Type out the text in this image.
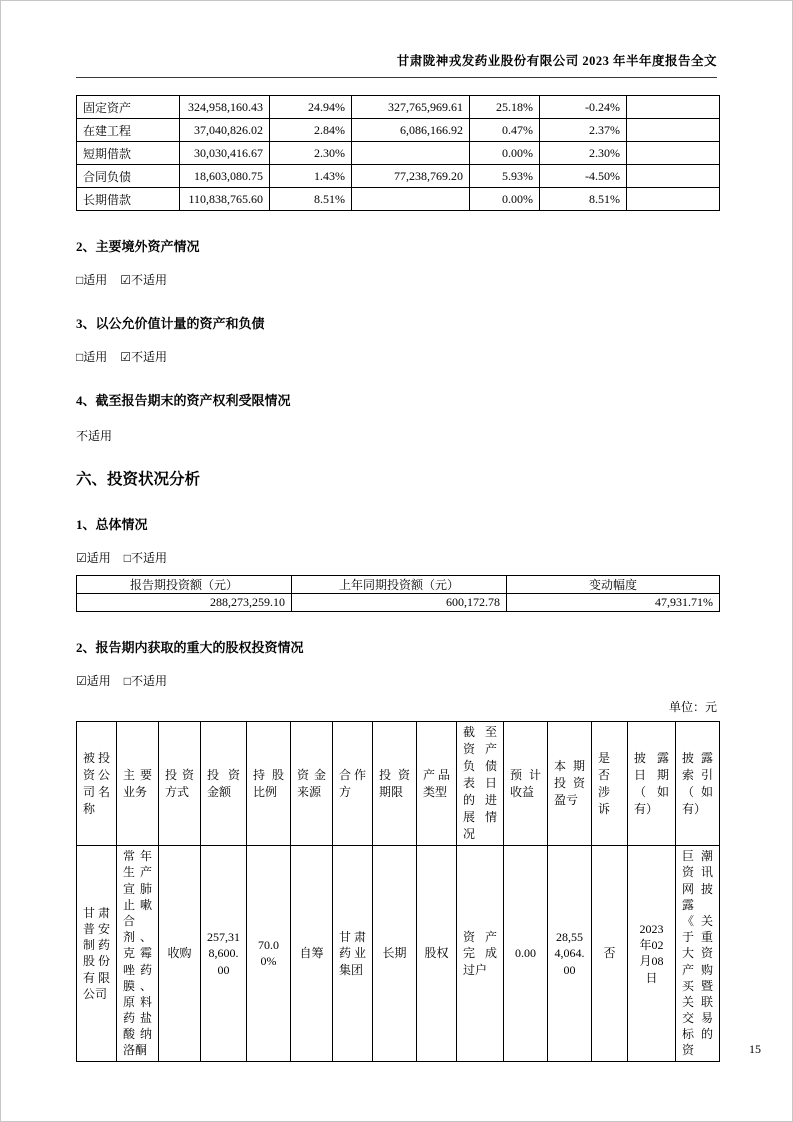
甘肃陇神戎发药业股份有限公司 2023 年半年度报告全文
固定资产	324,958,160.43	24.94%	327,765,969.61	25.18%	-0.24%	
在建工程	37,040,826.02	2.84%	6,086,166.92	0.47%	2.37%	
短期借款	30,030,416.67	2.30%		0.00%	2.30%	
合同负债	18,603,080.75	1.43%	77,238,769.20	5.93%	-4.50%	
长期借款	110,838,765.60	8.51%		0.00%	8.51%	
2、主要境外资产情况
□适用 ☑不适用
3、以公允价值计量的资产和负债
□适用 ☑不适用
4、截至报告期末的资产权利受限情况
不适用
六、投资状况分析
1、总体情况
☑适用 □不适用
报告期投资额（元）	上年同期投资额（元）	变动幅度
288,273,259.10	600,172.78	47,931.71%
2、报告期内获取的重大的股权投资情况
☑适用 □不适用
单位：元
被投资公司名称	主要业务	投资方式	投资金额	持股比例	资金来源	合作方	投资期限	产品类型	截至资产负债表日的进展情况	预计收益	本期投资盈亏	是否涉诉	披露日期（如有）	披露索引（如有）
甘肃普安制药股份有限公司	常年生产宣肺止嗽合剂、克霉唑药膜、原料药盐酸纳洛酮	收购	257,318,600.00	70.00%	自筹	甘肃药业集团	长期	股权	资产完成过户	0.00	28,554,064.00	否	2023年02月08日	巨潮资讯网披露《关于重大资产购买暨关联交易标的资	15
